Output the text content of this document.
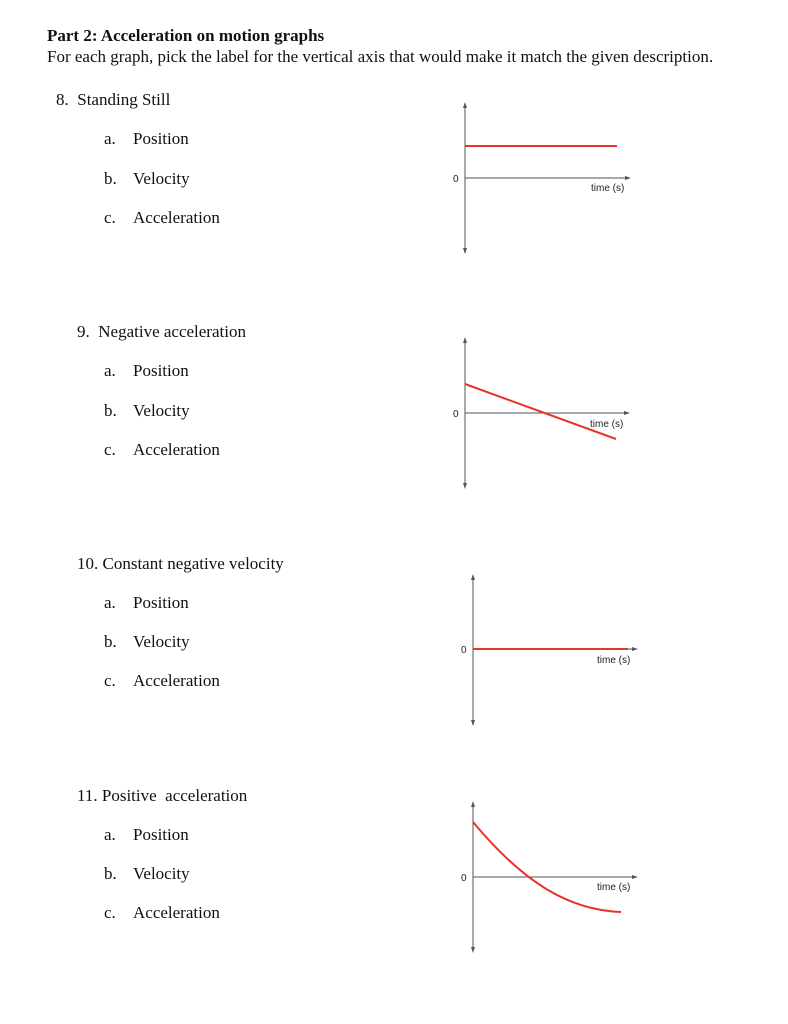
Part 2: Acceleration on motion graphs
For each graph, pick the label for the vertical axis that would make it match the given description.
8. Standing Still
a. Position
b. Velocity
c. Acceleration
0
time (s)
9. Negative acceleration
a. Position
b. Velocity
c. Acceleration
0
time (s)
10. Constant negative velocity
a. Position
b. Velocity
c. Acceleration
0
time (s)
11. Positive  acceleration
a. Position
b. Velocity
c. Acceleration
0
time (s)
